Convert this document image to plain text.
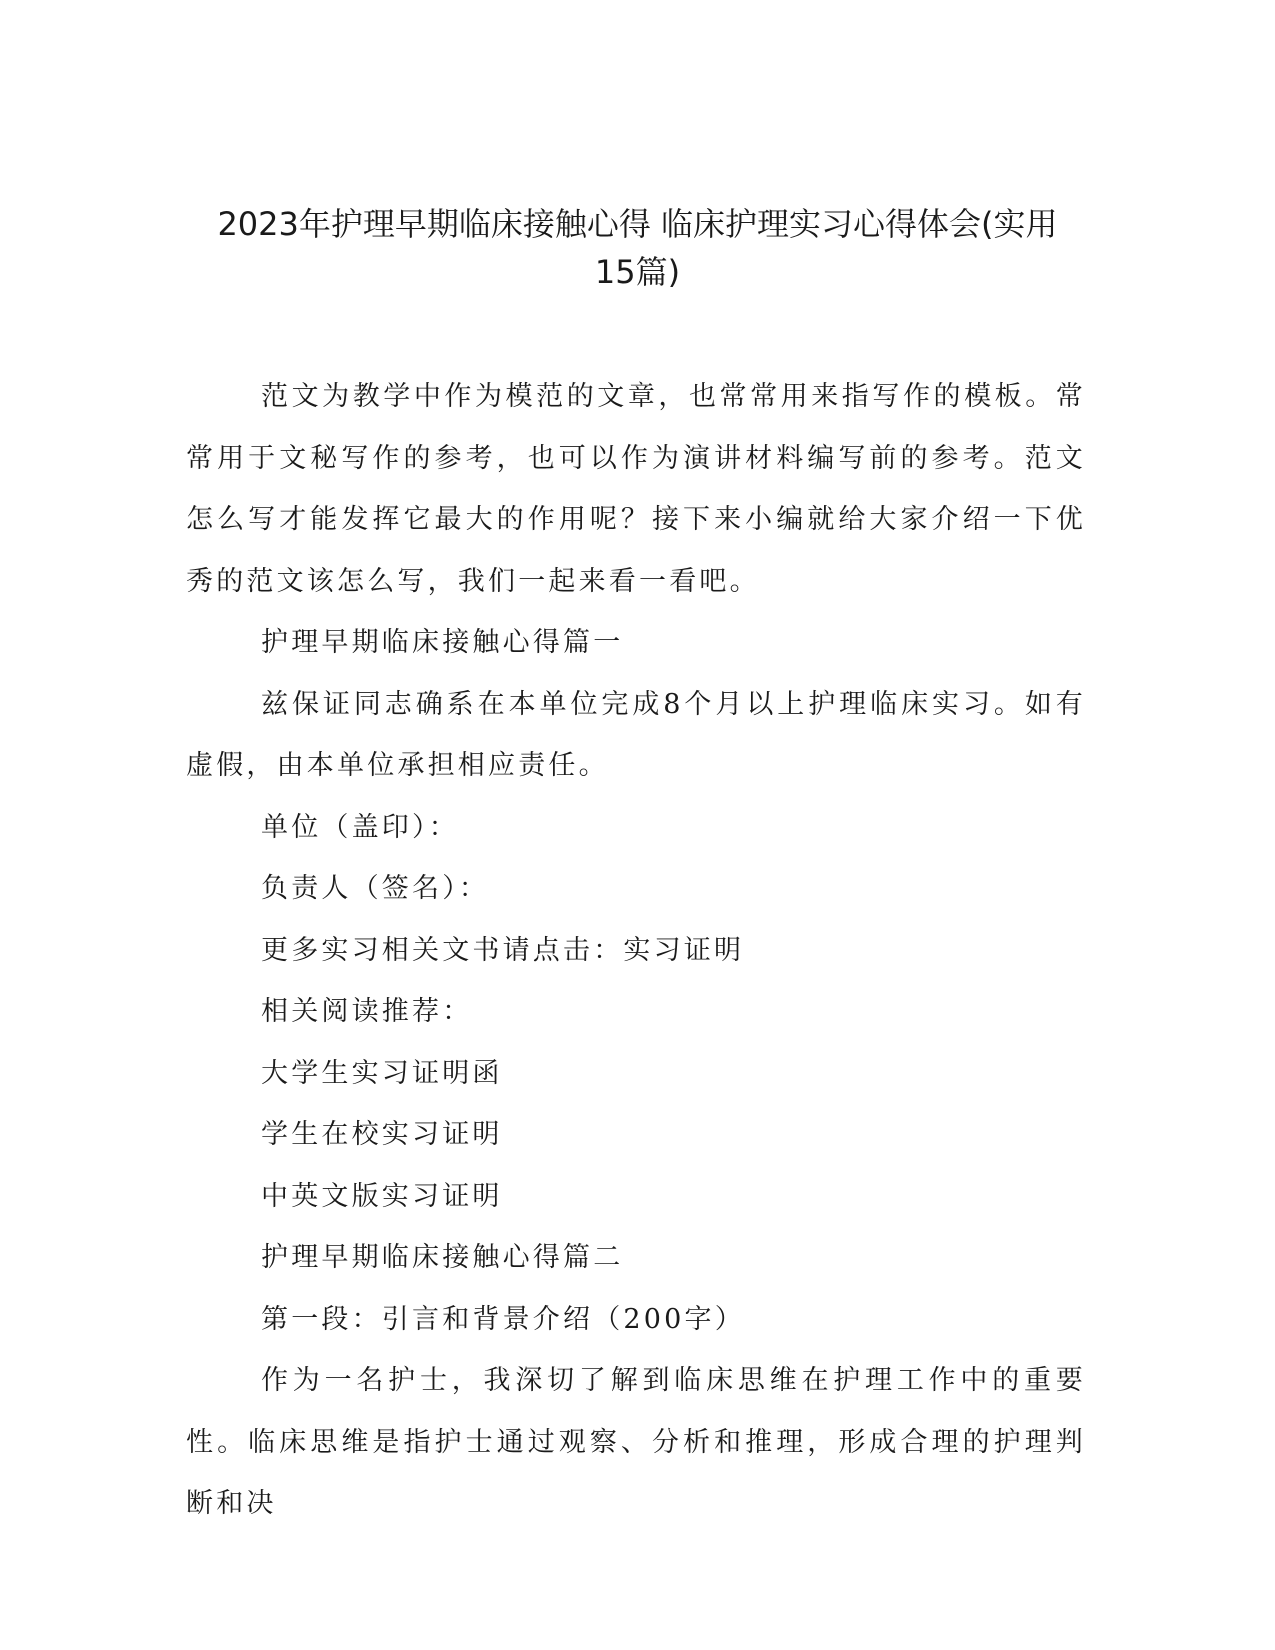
2023年护理早期临床接触心得 临床护理实习心得体会(实用
15篇)

范文为教学中作为模范的文章，也常常用来指写作的模板。常常用于文秘写作的参考，也可以作为演讲材料编写前的参考。范文怎么写才能发挥它最大的作用呢？接下来小编就给大家介绍一下优秀的范文该怎么写，我们一起来看一看吧。

护理早期临床接触心得篇一

兹保证同志确系在本单位完成8个月以上护理临床实习。如有虚假，由本单位承担相应责任。

单位（盖印）：

负责人（签名）：

更多实习相关文书请点击：实习证明

相关阅读推荐：

大学生实习证明函

学生在校实习证明

中英文版实习证明

护理早期临床接触心得篇二

第一段：引言和背景介绍（200字）

作为一名护士，我深切了解到临床思维在护理工作中的重要性。临床思维是指护士通过观察、分析和推理，形成合理的护理判断和决
